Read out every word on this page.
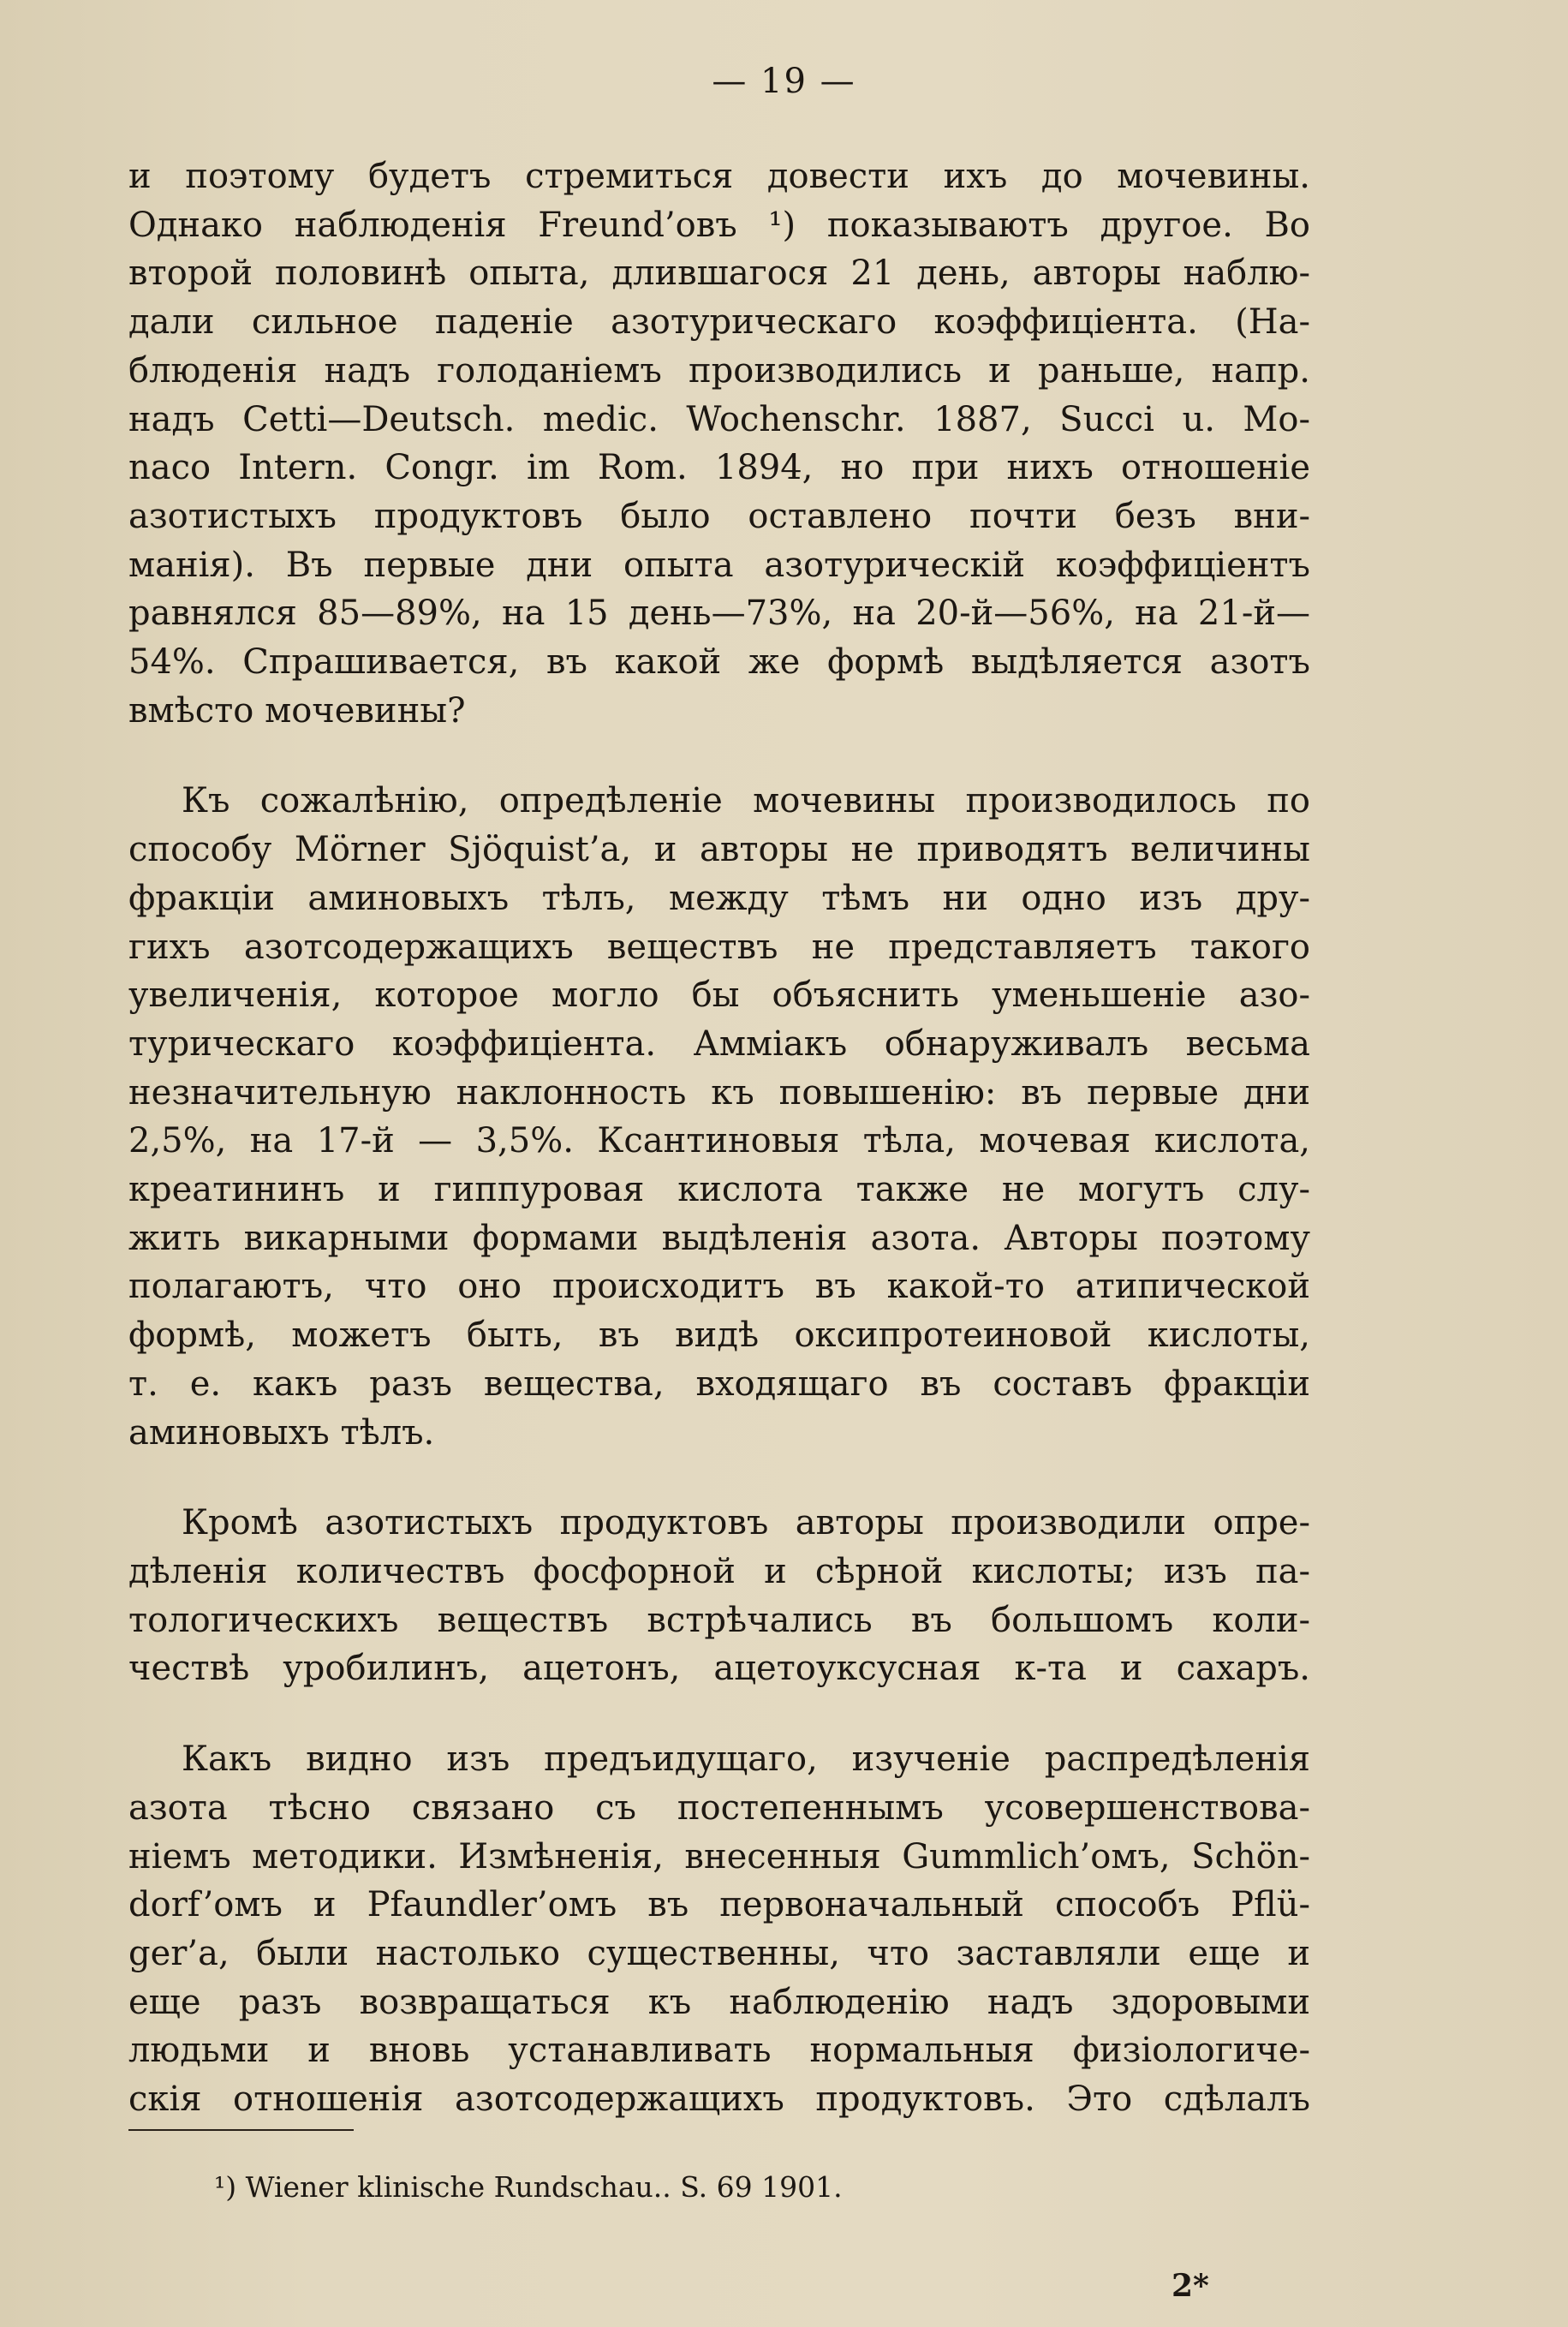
— 19 —

и поэтому будетъ стремиться довести ихъ до мочевины.
Однако наблюденія Freund’овъ ¹) показываютъ другое. Во
второй половинѣ опыта, длившагося 21 день, авторы наблю-
дали сильное паденіе азотурическаго коэффиціента. (На-
блюденія надъ голоданіемъ производились и раньше, напр.
надъ Cetti—Deutsch. medic. Wochenschr. 1887, Succi u. Mo-
naco Intern. Congr. im Rom. 1894, но при нихъ отношеніе
азотистыхъ продуктовъ было оставлено почти безъ вни-
манія). Въ первые дни опыта азотурическій коэффиціентъ
равнялся 85—89%, на 15 день—73%, на 20-й—56%, на 21-й—
54%. Спрашивается, въ какой же формѣ выдѣляется азотъ
вмѣсто мочевины?

Къ сожалѣнію, опредѣленіе мочевины производилось по
способу Mörner Sjöquist’а, и авторы не приводятъ величины
фракціи аминовыхъ тѣлъ, между тѣмъ ни одно изъ дру-
гихъ азотсодержащихъ веществъ не представляетъ такого
увеличенія, которое могло бы объяснить уменьшеніе азо-
турическаго коэффиціента. Аммiакъ обнаруживалъ весьма
незначительную наклонность къ повышенію: въ первые дни
2,5%, на 17-й — 3,5%. Ксантиновыя тѣла, мочевая кислота,
креатининъ и гиппуровая кислота также не могутъ слу-
жить викарными формами выдѣленія азота. Авторы поэтому
полагаютъ, что оно происходитъ въ какой-то атипической
формѣ, можетъ быть, въ видѣ оксипротеиновой кислоты,
т. е. какъ разъ вещества, входящаго въ составъ фракціи
аминовыхъ тѣлъ.

Кромѣ азотистыхъ продуктовъ авторы производили опре-
дѣленія количествъ фосфорной и сѣрной кислоты; изъ па-
тологическихъ веществъ встрѣчались въ большомъ коли-
чествѣ уробилинъ, ацетонъ, ацетоуксусная к-та и сахаръ.

Какъ видно изъ предъидущаго, изученіе распредѣленія
азота тѣсно связано съ постепеннымъ усовершенствова-
ніемъ методики. Измѣненія, внесенныя Gummlich’омъ, Schön-
dorf’омъ и Pfaundler’омъ въ первоначальный способъ Pflü-
ger’а, были настолько существенны, что заставляли еще и
еще разъ возвращаться къ наблюденію надъ здоровыми
людьми и вновь устанавливать нормальныя физіологиче-
скія отношенія азотсодержащихъ продуктовъ. Это сдѣлалъ

¹) Wiener klinische Rundschau.. S. 69 1901.
2*
